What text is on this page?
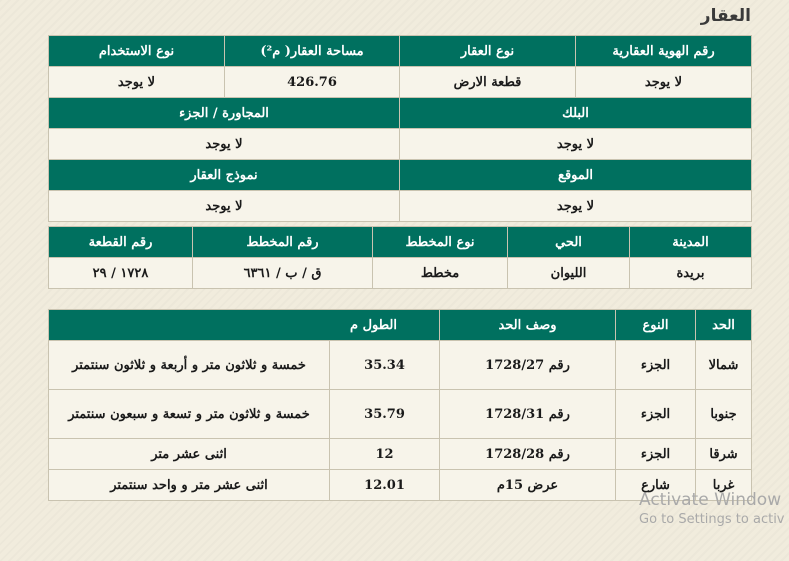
العقار
رقم الهوية العقارية	نوع العقار	مساحة العقار( م²)	نوع الاستخدام
لا يوجد	قطعة الارض	426.76	لا يوجد
البلك		المجاورة / الجزء	
لا يوجد		لا يوجد	
الموقع		نموذج العقار	
لا يوجد		لا يوجد	
المدينة	الحي	نوع المخطط	رقم المخطط	رقم القطعة
بريدة	الليوان	مخطط	ق / ب / ٦٣٦١	١٧٢٨ / ٢٩
الحد	النوع	وصف الحد	الطول م	
شمالا	الجزء	رقم 1728/27	35.34	خمسة و ثلاثون متر و أربعة و ثلاثون سنتمتر
جنوبا	الجزء	رقم 1728/31	35.79	خمسة و ثلاثون متر و تسعة و سبعون سنتمتر
شرقا	الجزء	رقم 1728/28	12	اثنى عشر متر
غربا	شارع	عرض 15م	12.01	اثنى عشر متر و واحد سنتمتر
Activate Window
Go to Settings to activ
